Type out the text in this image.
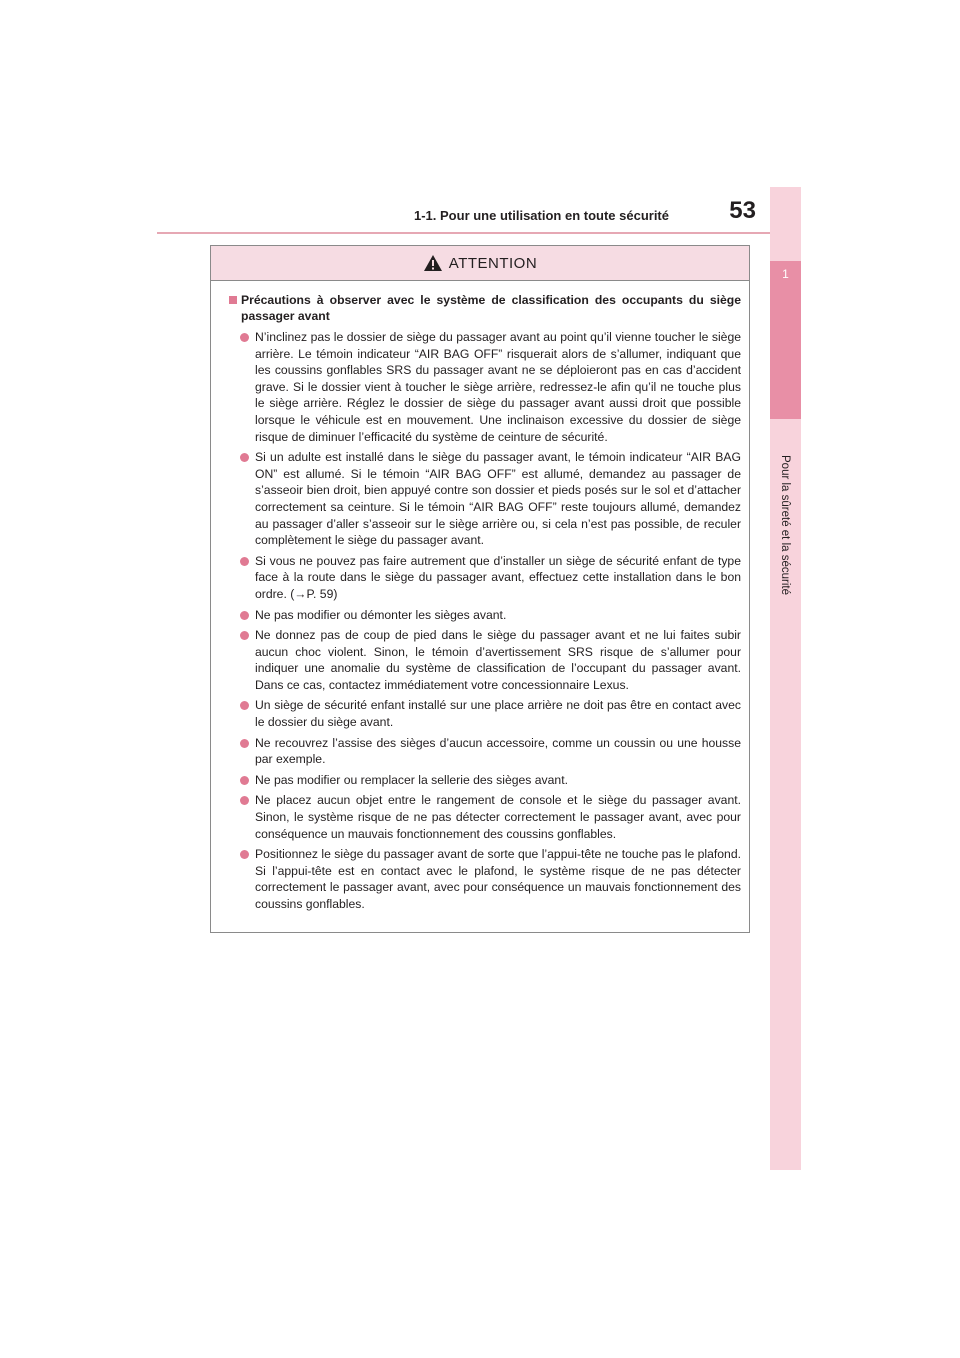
1-1. Pour une utilisation en toute sécurité	53
1
Pour la sûreté et la sécurité
ATTENTION
Précautions à observer avec le système de classification des occupants du siège passager avant
N’inclinez pas le dossier de siège du passager avant au point qu’il vienne toucher le siège arrière. Le témoin indicateur “AIR BAG OFF” risquerait alors de s’allumer, indiquant que les coussins gonflables SRS du passager avant ne se déploieront pas en cas d’accident grave. Si le dossier vient à toucher le siège arrière, redressez-le afin qu’il ne touche plus le siège arrière. Réglez le dossier de siège du passager avant aussi droit que possible lorsque le véhicule est en mouvement. Une inclinaison excessive du dossier de siège risque de diminuer l’efficacité du système de ceinture de sécurité.
Si un adulte est installé dans le siège du passager avant, le témoin indicateur “AIR BAG ON” est allumé. Si le témoin “AIR BAG OFF” est allumé, demandez au passager de s’asseoir bien droit, bien appuyé contre son dossier et pieds posés sur le sol et d’attacher correctement sa ceinture. Si le témoin “AIR BAG OFF” reste toujours allumé, demandez au passager d’aller s’asseoir sur le siège arrière ou, si cela n’est pas possible, de reculer complètement le siège du passager avant.
Si vous ne pouvez pas faire autrement que d’installer un siège de sécurité enfant de type face à la route dans le siège du passager avant, effectuez cette installation dans le bon ordre. (→P. 59)
Ne pas modifier ou démonter les sièges avant.
Ne donnez pas de coup de pied dans le siège du passager avant et ne lui faites subir aucun choc violent. Sinon, le témoin d’avertissement SRS risque de s’allumer pour indiquer une anomalie du système de classification de l’occupant du passager avant. Dans ce cas, contactez immédiatement votre concessionnaire Lexus.
Un siège de sécurité enfant installé sur une place arrière ne doit pas être en contact avec le dossier du siège avant.
Ne recouvrez l’assise des sièges d’aucun accessoire, comme un coussin ou une housse par exemple.
Ne pas modifier ou remplacer la sellerie des sièges avant.
Ne placez aucun objet entre le rangement de console et le siège du passager avant. Sinon, le système risque de ne pas détecter correctement le passager avant, avec pour conséquence un mauvais fonctionnement des coussins gonflables.
Positionnez le siège du passager avant de sorte que l’appui-tête ne touche pas le plafond. Si l’appui-tête est en contact avec le plafond, le système risque de ne pas détecter correctement le passager avant, avec pour conséquence un mauvais fonctionnement des coussins gonflables.
